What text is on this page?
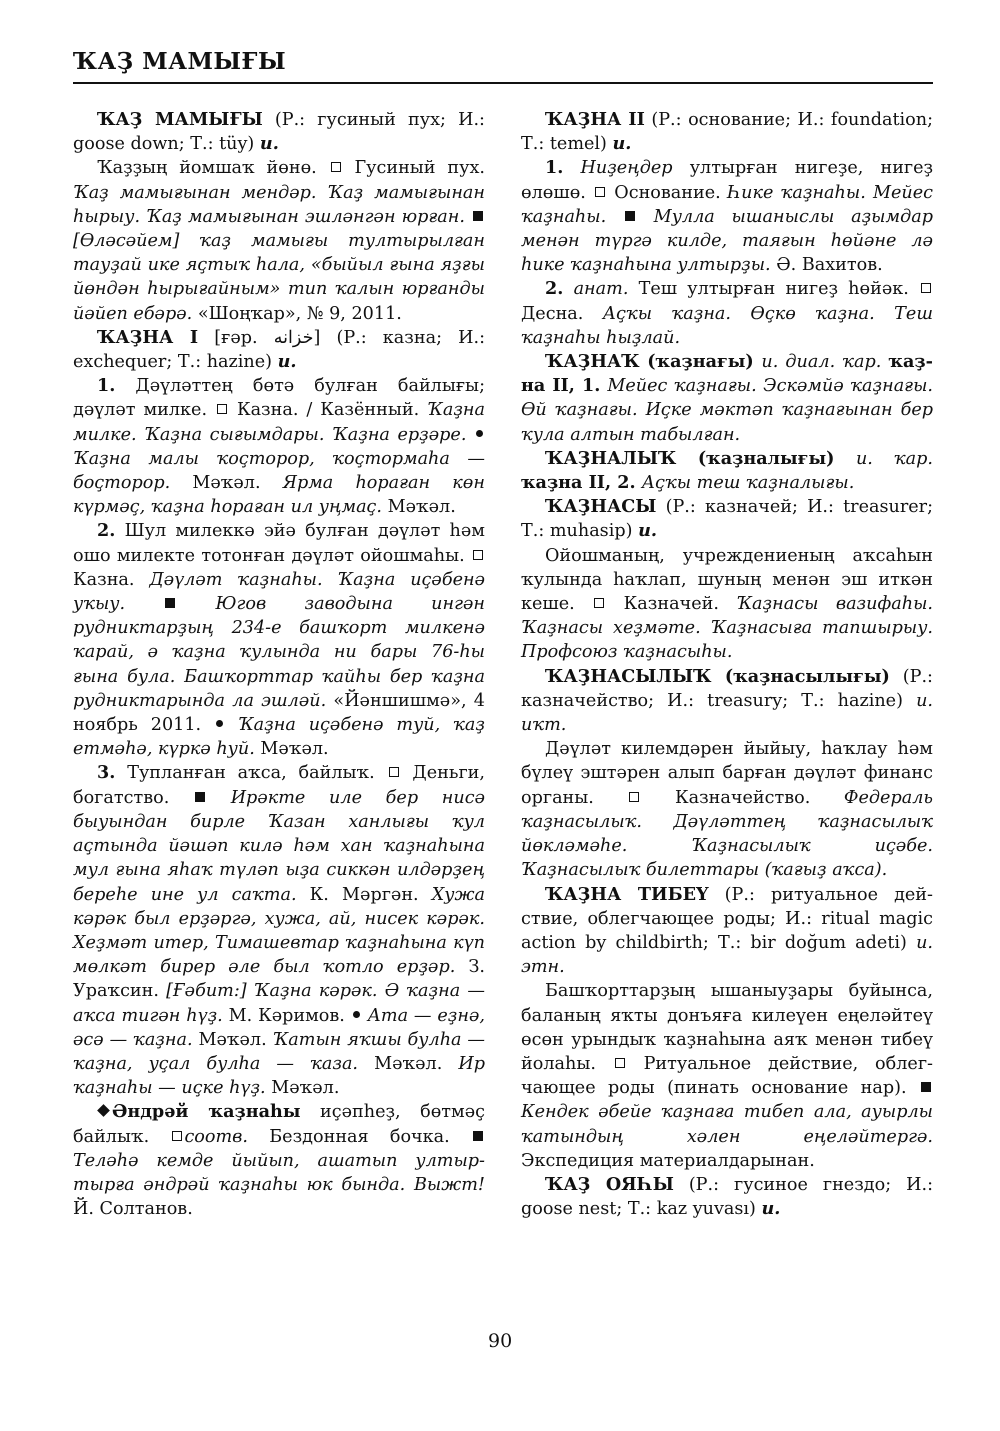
ҠАҘ МАМЫҒЫ

ҠАҘ МАМЫҒЫ (Р.: гусиный пух; И.: goose down; Т.: tüy) и.

Ҡаҙҙың йомшаҡ йөнө.  Гусиный пух. Ҡаҙ мамығынан мендәр. Ҡаҙ мамығынан һырыу. Ҡаҙ мамығынан эшләнгән юрған.  [Өләсәйем] ҡаҙ мамығы тултырылған тауҙай ике яҫтыҡ һала, «быйыл ғына яҙғы йөндән һырығайным» тип ҡалын юрғанды йәйеп ебәрә. «Шоңҡар», № 9, 2011.

ҠАҘНА I [ғәр. خزانه] (Р.: казна; И.: exchequer; Т.: hazine) и.

1. Дәүләттең бөтә булған байлығы; дәүләт милке.  Казна. / Казённый. Ҡаҙна милке. Ҡаҙна сығымдары. Ҡаҙна ерҙәре.  Ҡаҙна малы ҡоҫторор, ҡоҫтормаһа — боҫторор. Мәҡәл. Ярма һораған көн күрмәҫ, ҡаҙна һораған ил уңмаҫ. Мәҡәл.

2. Шул милеккә эйә булған дәүләт һәм ошо милекте тотонған дәүләт ойошмаһы.  Казна. Дәүләт ҡаҙнаһы. Ҡаҙна иҫәбенә уҡыу.	Югов заводына ингән рудниктарҙың 234-е башҡорт милкенә ҡарай, ә ҡаҙна ҡулында ни бары 76-һы ғына була. Башҡорттар ҡайһы бер ҡаҙна рудниктарында ла эшләй. «Йәншишмә», 4 ноябрь 2011.  Ҡаҙна иҫәбенә туй, ҡаҙ етмәһә, күркә һуй. Мәҡәл.

3. Тупланған аҡса, байлыҡ.  Деньги, богатство.  Ирәкте иле бер нисә быуындан бирле Ҡазан ханлығы ҡул аҫтында йәшәп килә һәм хан ҡаҙнаһына мул ғына яһаҡ түләп ыҙа сиккән илдәрҙең береһе ине ул саҡта. К. Мәргән. Хужа кәрәк был ерҙәргә, хужа, ай, нисек кәрәк. Хеҙмәт итер, Тимашевтар ҡаҙнаһына күп мөлкәт бирер әле был ҡотло ерҙәр. З. Ураҡсин. [Ғәбит:] Ҡаҙна кәрәк. Ә ҡаҙна — аҡса тигән һүҙ. М. Кәримов.  Ата — еҙнә, әсә — ҡаҙна. Мәҡәл. Ҡатын яҡшы булһа — ҡаҙна, уҫал булһа — ҡаза. Мәҡәл. Ир ҡаҙнаһы — иҫке һүҙ. Мәҡәл.

Әндрәй ҡаҙнаһы иҫәпһеҙ, бөтмәҫ байлыҡ. соотв. Бездонная бочка.  Теләһә кемде йыйып, ашатып ултыртырға әндрәй ҡаҙнаһы юк бында. Выжт! Й. Солтанов.

ҠАҘНА II (Р.: основание; И.: foundation; Т.: temel) и.

1. Ниҙеңдер ултырған нигеҙе, нигеҙ өлөшө.  Основание. Һике ҡаҙнаһы. Мейес ҡаҙнаһы.  Мулла ышаныслы аҙымдар менән түргә килде, таяғын һөйәне лә һике ҡаҙнаһына ултырҙы. Ә. Вахитов.

2. анат. Теш ултырған нигеҙ һөйәк.  Десна. Аҫҡы ҡаҙна. Өҫкө ҡаҙна. Теш ҡаҙнаһы һыҙлай.

ҠАҘНАҠ (ҡаҙнағы) и. диал. ҡар. ҡаҙна II, 1. Мейес ҡаҙнағы. Эскәмйә ҡаҙнағы. Өй ҡаҙнағы. Иҫке мәктәп ҡаҙнағынан бер ҡула алтын табылған.

ҠАҘНАЛЫҠ (ҡаҙналығы) и. ҡар. ҡаҙна II, 2. Аҫҡы теш ҡаҙналығы.

ҠАҘНАСЫ (Р.: казначей; И.: treasurer; Т.: muhasip) и.

Ойошманың, учреждениеның аҡсаһын ҡулында һаҡлап, шуның менән эш иткән кеше.  Казначей. Ҡаҙнасы вазифаһы. Ҡаҙнасы хеҙмәте. Ҡаҙнасыға тапшырыу. Профсоюз ҡаҙнасыһы.

ҠАҘНАСЫЛЫҠ (ҡаҙнасылығы) (Р.: казначейство; И.: treasury; Т.: hazine) и. иҡт.

Дәүләт килемдәрен йыйыу, һаҡлау һәм бүлеү эштәрен алып барған дәүләт финанс органы.	Казначейство. Федераль ҡаҙнасылыҡ. Дәүләттең ҡаҙнасылыҡ йөкләмәһе. Ҡаҙнасылыҡ иҫәбе. Ҡаҙнасылыҡ билеттары (ҡағыҙ аҡса).

ҠАҘНА ТИБЕҮ (Р.: ритуальное действие, облегчающее роды; И.: ritual magic action by childbirth; Т.: bir doğum adeti) и. этн.

Башҡорттарҙың ышаныуҙары буйынса, баланың яҡты донъяға килеүен еңеләйтеү өсөн урындыҡ ҡаҙнаһына аяҡ менән тибеү йолаһы.  Ритуальное действие, облегчающее роды (пинать основание нар).  Кендек әбейе ҡаҙнаға тибеп ала, ауырлы ҡатындың хәлен еңеләйтергә. Экспедиция материалдарынан.

ҠАҘ ОЯҺЫ (Р.: гусиное гнездо; И.: goose nest; Т.: kaz yuvası) и.

90
